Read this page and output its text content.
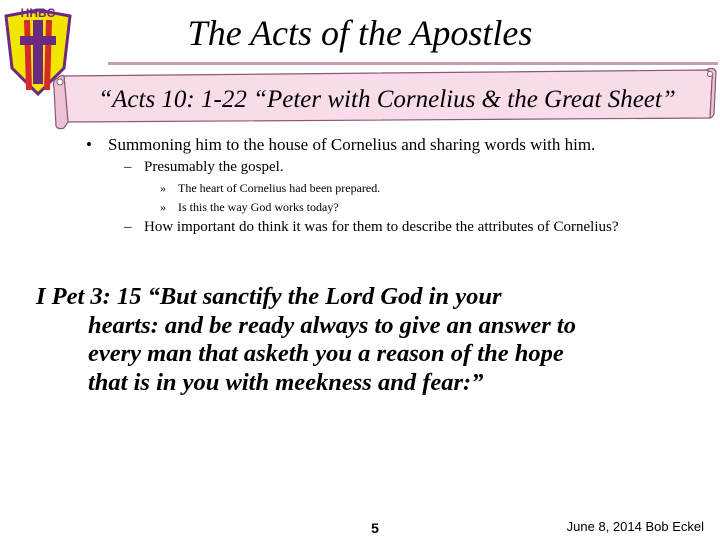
HHBC	The Acts of the Apostles
“Acts 10: 1-22 “Peter with Cornelius & the Great Sheet”
• Summoning him to the house of Cornelius and sharing words with him.
– Presumably the gospel.
» The heart of Cornelius had been prepared.
» Is this the way God works today?
– How important do think it was for them to describe the attributes of Cornelius?
I Pet 3: 15 “But sanctify the Lord God in your
hearts: and be ready always to give an answer to
every man that asketh you a reason of the hope
that is in you with meekness and fear:”
5	June 8, 2014 Bob Eckel
